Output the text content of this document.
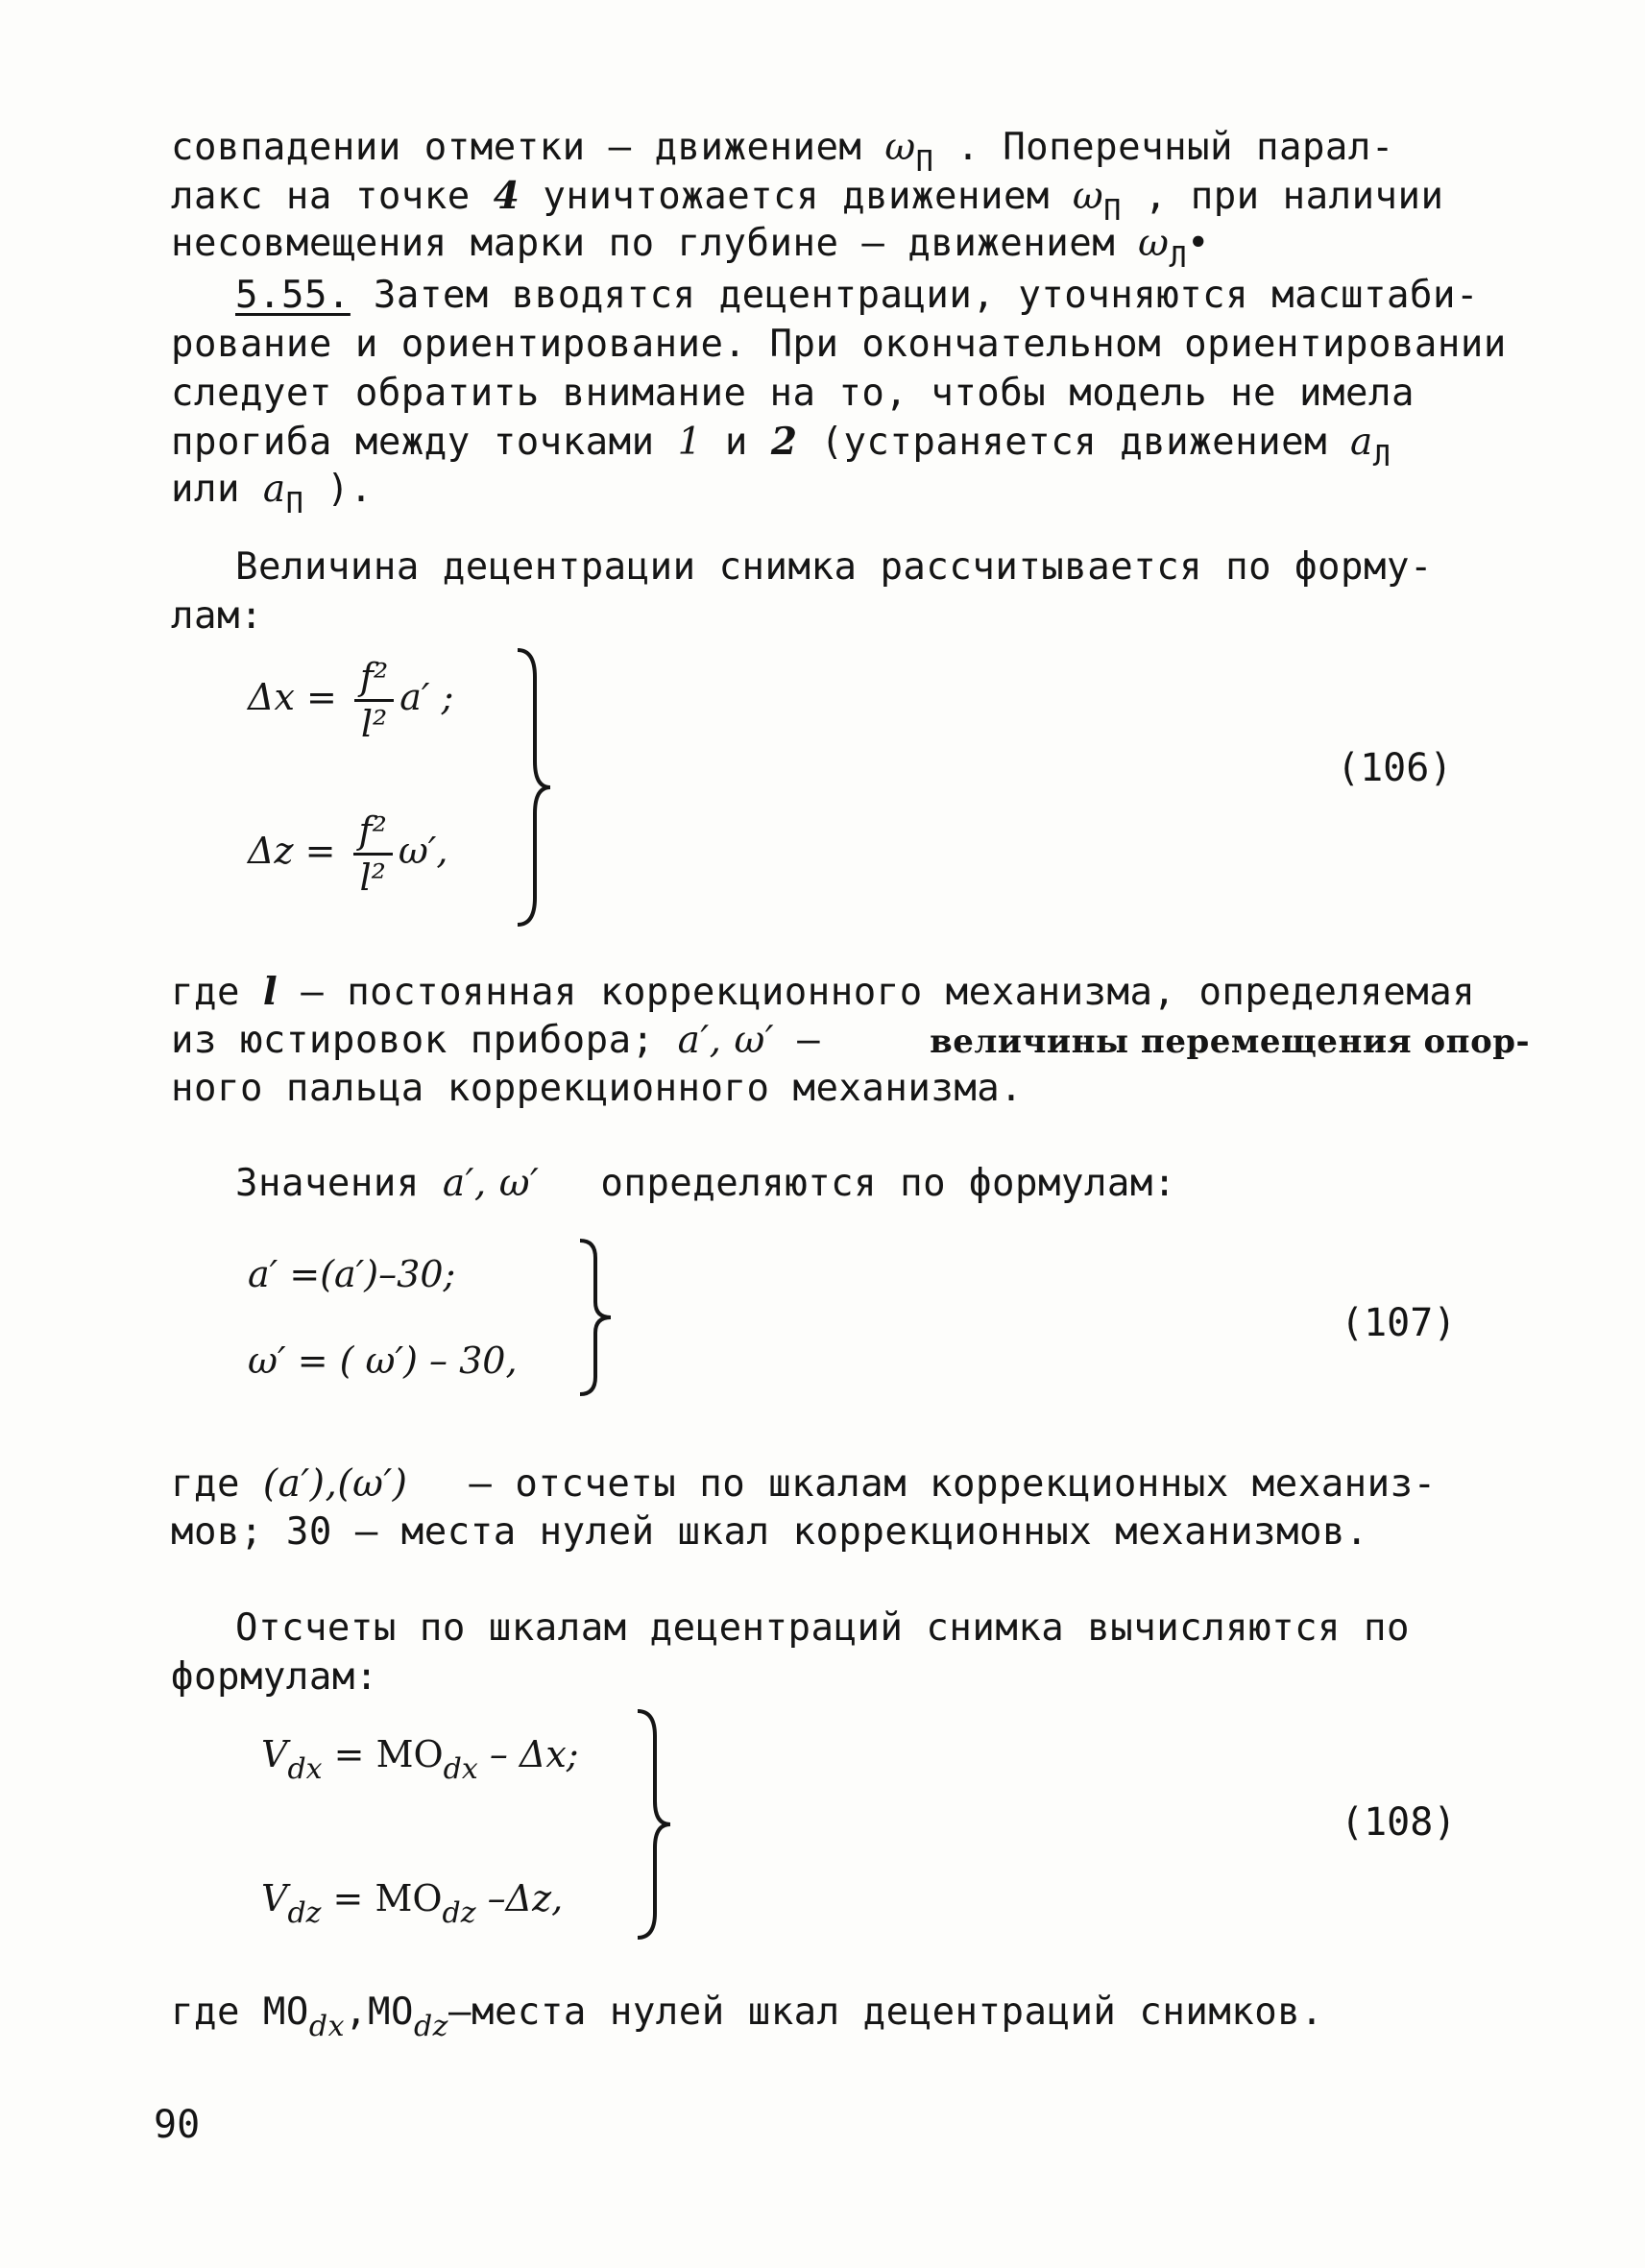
совпадении отметки – движением $\omega_П$ . Поперечный парал-
лакс на точке 4 уничтожается движением $\omega_П$ , при наличии
несовмещения марки по глубине – движением $\omega_Л•$
5.55. Затем вводятся децентрации, уточняются масштаби-
рование и ориентирование. При окончательном ориентировании
следует обратить внимание на то, чтобы модель не имела
прогиба между точками 1 и 2 (устраняется движением $a_Л$
или $a_П$ ).
Величина децентрации снимка рассчитывается по форму-
лам:
$\Delta x = \frac{\text{f²}}{\text{l²}} a'$ ;
$\Delta z = \frac{\text{f²}}{\text{l²}} \omega'$,
(106)
где l – постоянная коррекционного механизма, определяемая
из юстировок прибора; a′, ω′ –	величины перемещения опор-
ного пальца коррекционного механизма.
Значения a′, ω′ определяются по формулам:
a′ =(a′)–30;
ω′ = ( ω′) – 30,
(107)
где (a′),(ω′) – отсчеты по шкалам коррекционных механиз-
мов; 30 – места нулей шкал коррекционных механизмов.
Отсчеты по шкалам децентраций снимка вычисляются по
формулам:
$V_{dx} = MO_{dx} - \Delta x$;
$V_{dz} = MO_{dz}$ –Δz,
(108)
где $MO_{dx},MO_{dz}$–места нулей шкал децентраций снимков.
90
